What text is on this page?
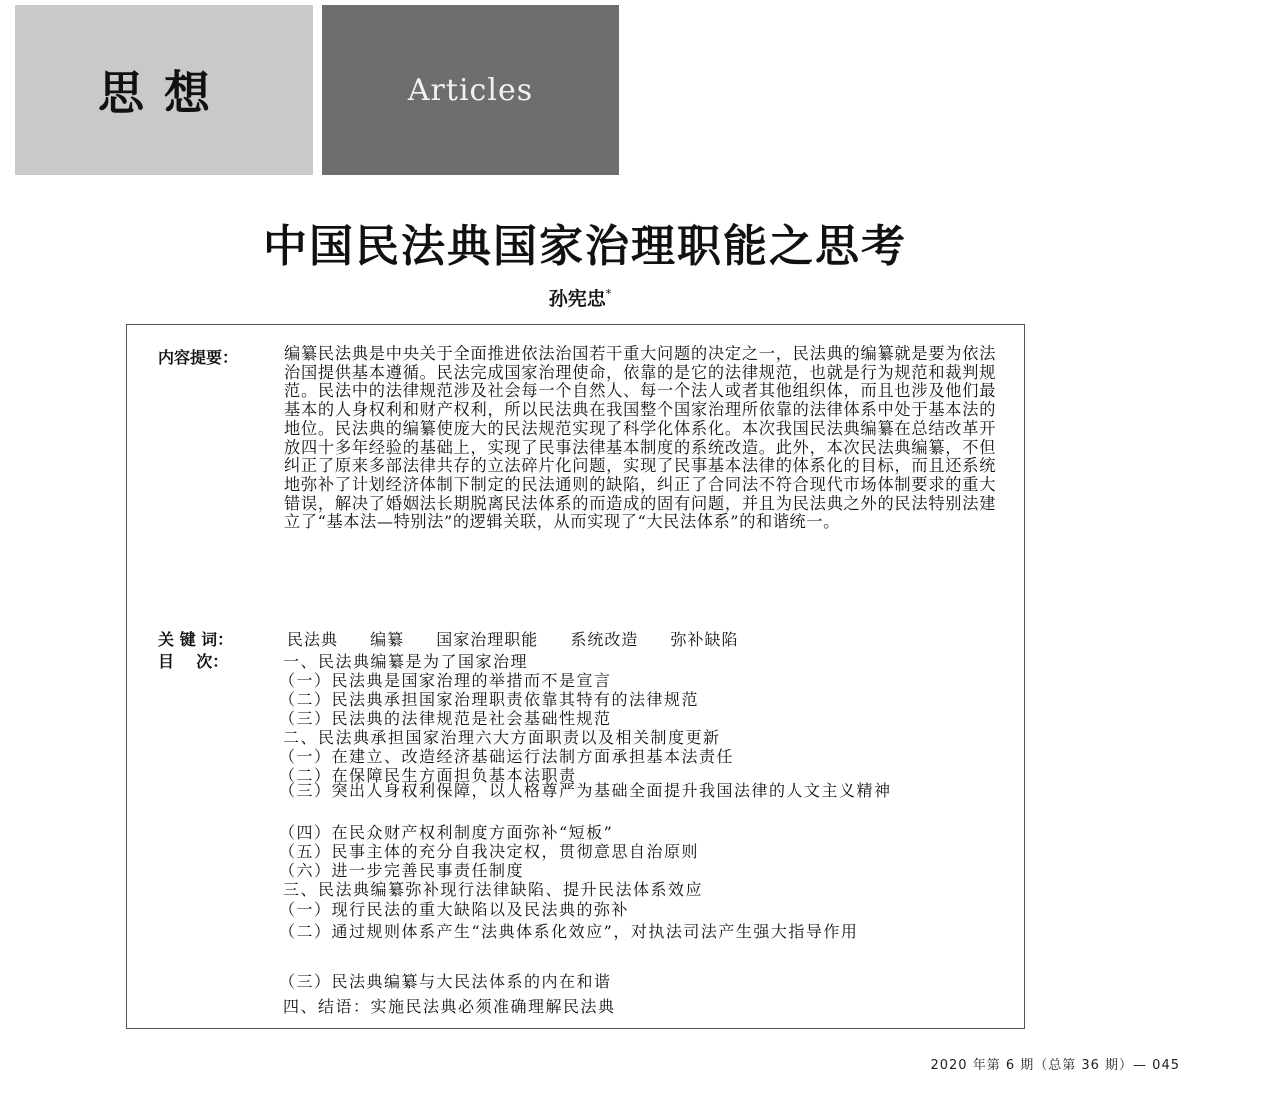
思想	Articles
中国民法典国家治理职能之思考
孙宪忠*
内容提要：	编纂民法典是中央关于全面推进依法治国若干重大问题的决定之一，民法典的编纂就是要为依法治国提供基本遵循。民法完成国家治理使命，依靠的是它的法律规范，也就是行为规范和裁判规范。民法中的法律规范涉及社会每一个自然人、每一个法人或者其他组织体，而且也涉及他们最基本的人身权利和财产权利，所以民法典在我国整个国家治理所依靠的法律体系中处于基本法的地位。民法典的编纂使庞大的民法规范实现了科学化体系化。本次我国民法典编纂在总结改革开放四十多年经验的基础上，实现了民事法律基本制度的系统改造。此外，本次民法典编纂，不但纠正了原来多部法律共存的立法碎片化问题，实现了民事基本法律的体系化的目标，而且还系统地弥补了计划经济体制下制定的民法通则的缺陷，纠正了合同法不符合现代市场体制要求的重大错误，解决了婚姻法长期脱离民法体系的而造成的固有问题，并且为民法典之外的民法特别法建立了“基本法—特别法”的逻辑关联，从而实现了“大民法体系”的和谐统一。
关 键 词：	民法典 编纂 国家治理职能 系统改造 弥补缺陷
目    次：	一、民法典编纂是为了国家治理
（一）民法典是国家治理的举措而不是宣言
（二）民法典承担国家治理职责依靠其特有的法律规范
（三）民法典的法律规范是社会基础性规范
二、民法典承担国家治理六大方面职责以及相关制度更新
（一）在建立、改造经济基础运行法制方面承担基本法责任
（二）在保障民生方面担负基本法职责
（三）突出人身权利保障，以人格尊严为基础全面提升我国法律的人文主义精神
（四）在民众财产权利制度方面弥补“短板”
（五）民事主体的充分自我决定权，贯彻意思自治原则
（六）进一步完善民事责任制度
三、民法典编纂弥补现行法律缺陷、提升民法体系效应
（一）现行民法的重大缺陷以及民法典的弥补
（二）通过规则体系产生“法典体系化效应”，对执法司法产生强大指导作用
（三）民法典编纂与大民法体系的内在和谐
四、结语：实施民法典必须准确理解民法典
2020 年第 6 期（总第 36 期）— 045
